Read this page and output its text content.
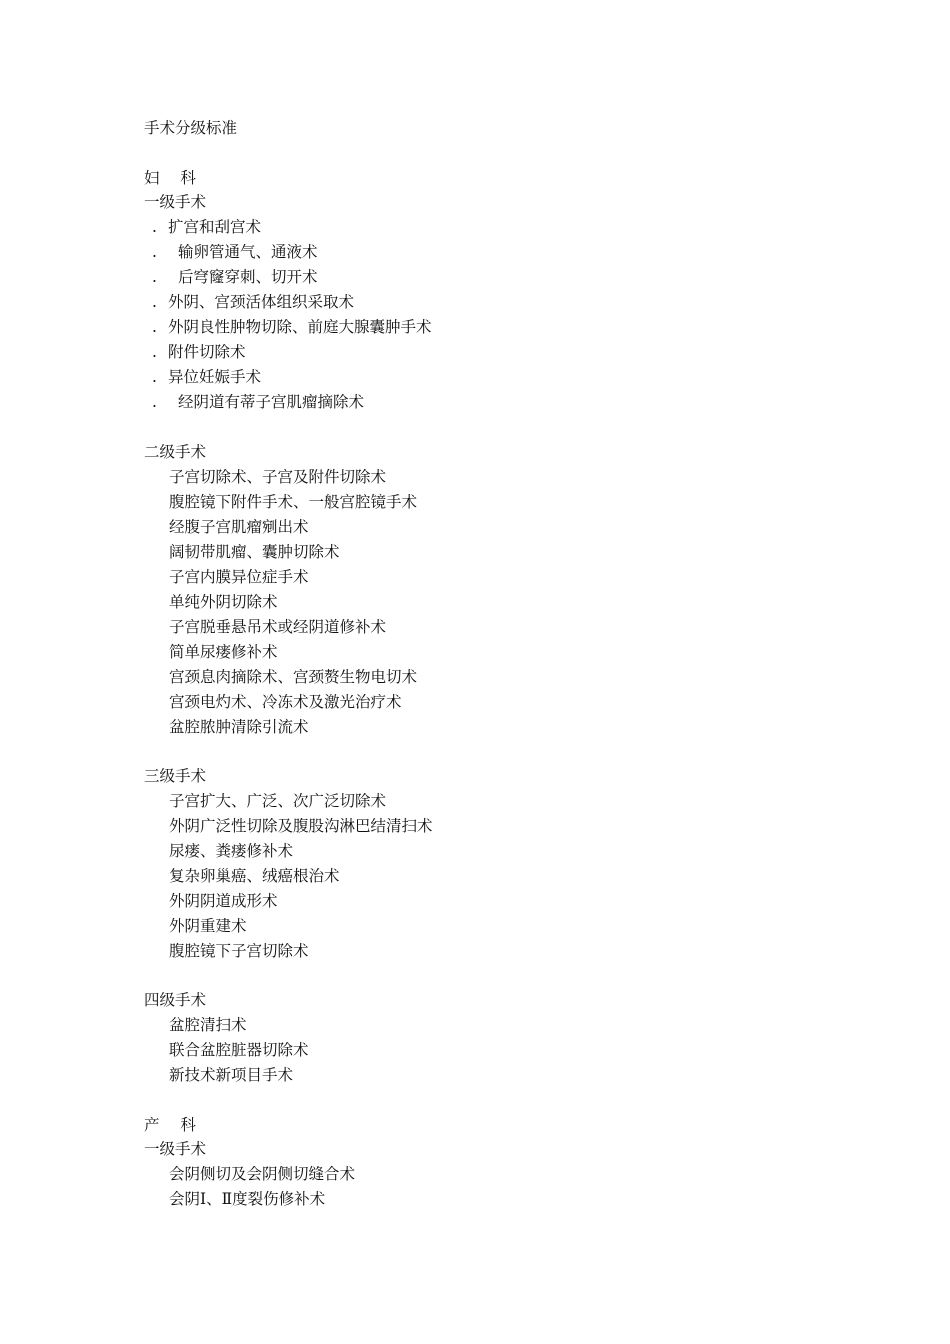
手术分级标准
妇 科
一级手术
. 扩宫和刮宫术
. 输卵管通气、通液术
. 后穹窿穿刺、切开术
. 外阴、宫颈活体组织采取术
. 外阴良性肿物切除、前庭大腺囊肿手术
. 附件切除术
. 异位妊娠手术
. 经阴道有蒂子宫肌瘤摘除术
二级手术
子宫切除术、子宫及附件切除术
腹腔镜下附件手术、一般宫腔镜手术
经腹子宫肌瘤剜出术
阔韧带肌瘤、囊肿切除术
子宫内膜异位症手术
单纯外阴切除术
子宫脱垂悬吊术或经阴道修补术
简单尿瘘修补术
宫颈息肉摘除术、宫颈赘生物电切术
宫颈电灼术、冷冻术及激光治疗术
盆腔脓肿清除引流术
三级手术
子宫扩大、广泛、次广泛切除术
外阴广泛性切除及腹股沟淋巴结清扫术
尿瘘、粪瘘修补术
复杂卵巢癌、绒癌根治术
外阴阴道成形术
外阴重建术
腹腔镜下子宫切除术
四级手术
盆腔清扫术
联合盆腔脏器切除术
新技术新项目手术
产 科
一级手术
会阴侧切及会阴侧切缝合术
会阴Ⅰ、Ⅱ度裂伤修补术
